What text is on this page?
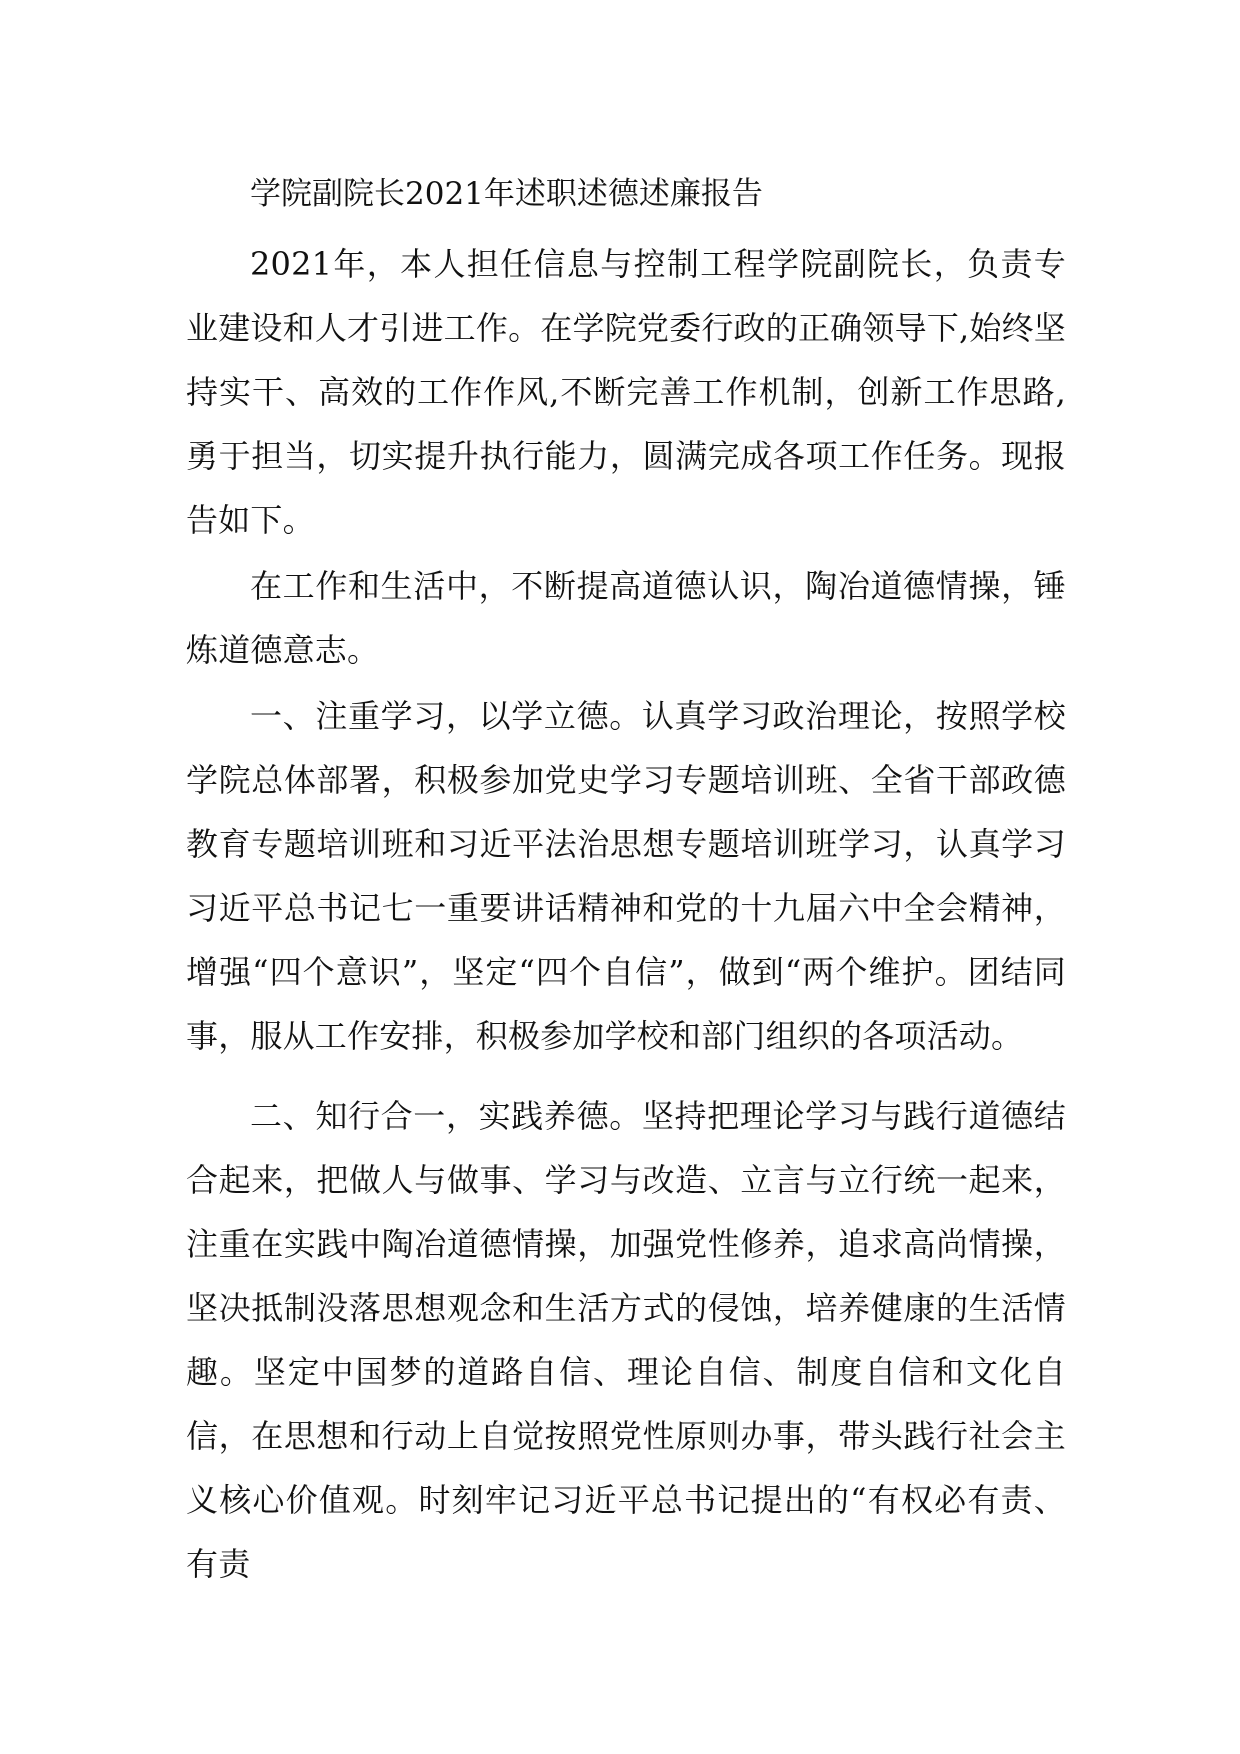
学院副院长2021年述职述德述廉报告

2021年，本人担任信息与控制工程学院副院长，负责专业建设和人才引进工作。在学院党委行政的正确领导下,始终坚持实干、高效的工作作风,不断完善工作机制，创新工作思路,勇于担当，切实提升执行能力，圆满完成各项工作任务。现报告如下。

在工作和生活中，不断提高道德认识，陶冶道德情操，锤炼道德意志。

一、注重学习，以学立德。认真学习政治理论，按照学校学院总体部署，积极参加党史学习专题培训班、全省干部政德教育专题培训班和习近平法治思想专题培训班学习，认真学习习近平总书记七一重要讲话精神和党的十九届六中全会精神，增强“四个意识”，坚定“四个自信”，做到“两个维护。团结同事，服从工作安排，积极参加学校和部门组织的各项活动。

二、知行合一，实践养德。坚持把理论学习与践行道德结合起来，把做人与做事、学习与改造、立言与立行统一起来，注重在实践中陶冶道德情操，加强党性修养，追求高尚情操，坚决抵制没落思想观念和生活方式的侵蚀，培养健康的生活情趣。坚定中国梦的道路自信、理论自信、制度自信和文化自信，在思想和行动上自觉按照党性原则办事，带头践行社会主义核心价值观。时刻牢记习近平总书记提出的“有权必有责、有责
